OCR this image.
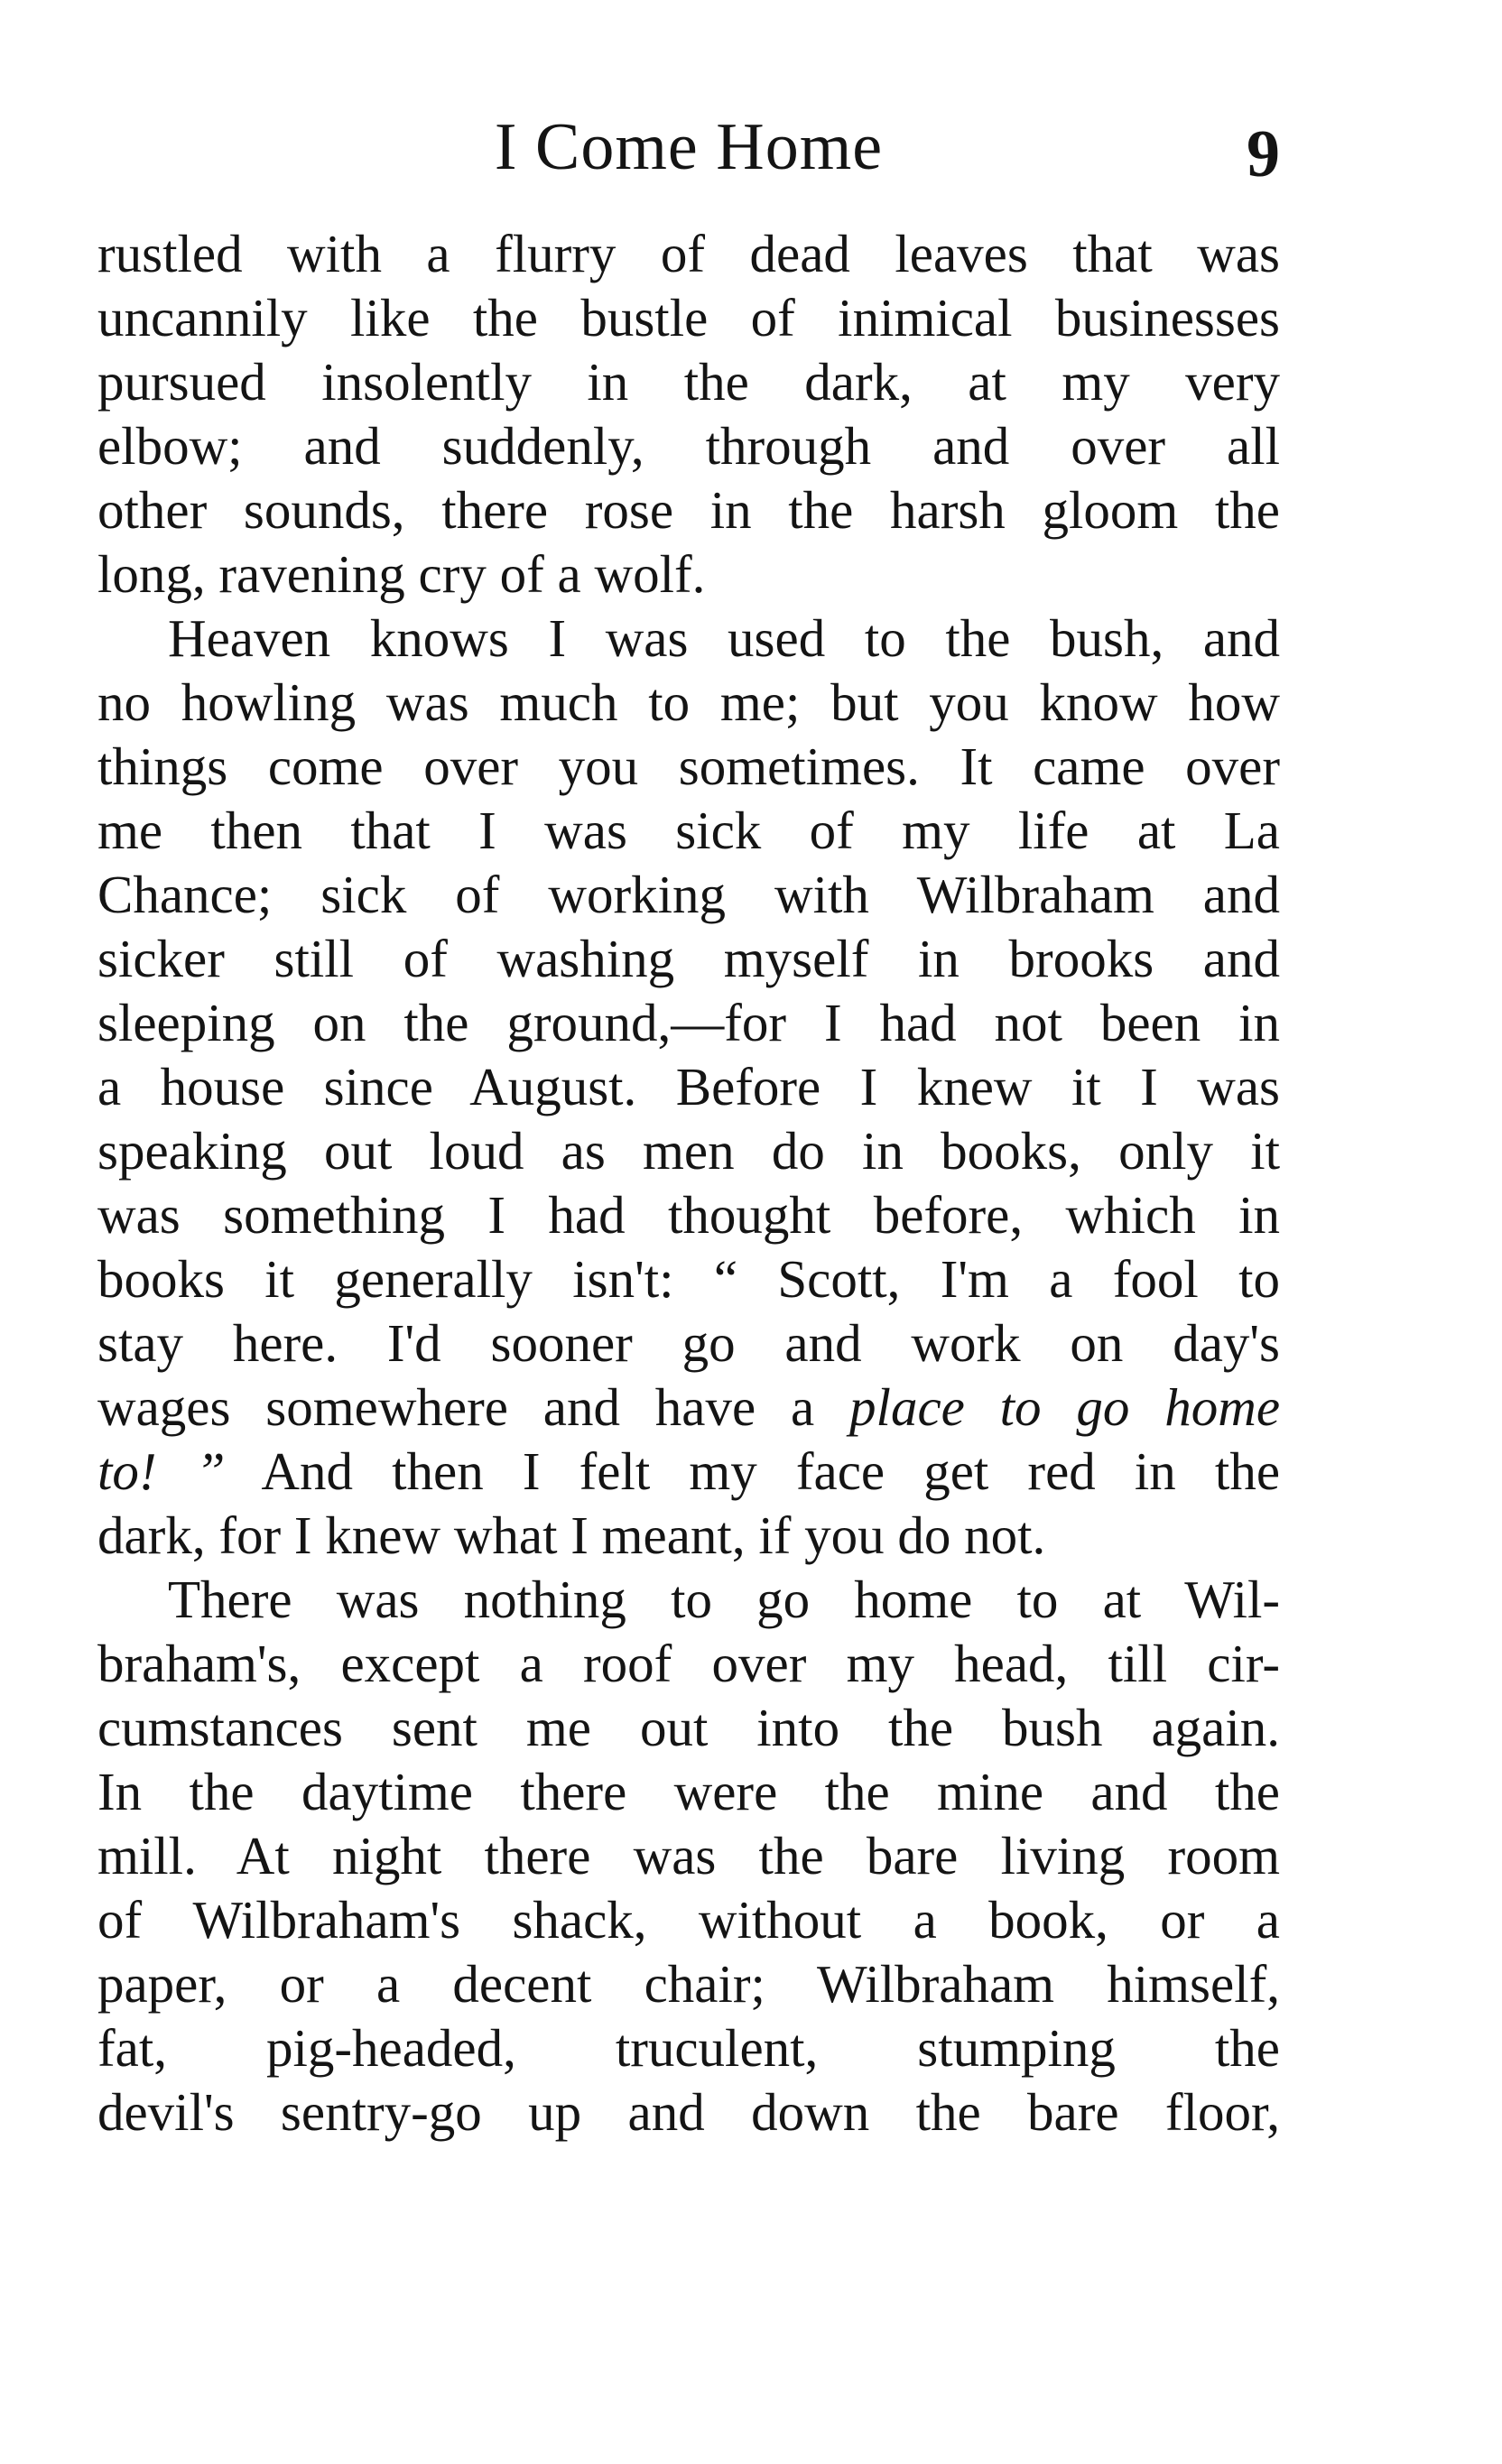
I Come Home	9
rustled with a flurry of dead leaves that was
uncannily like the bustle of inimical businesses
pursued insolently in the dark, at my very
elbow; and suddenly, through and over all
other sounds, there rose in the harsh gloom the
long, ravening cry of a wolf.
Heaven knows I was used to the bush, and
no howling was much to me; but you know how
things come over you sometimes. It came over
me then that I was sick of my life at La
Chance; sick of working with Wilbraham and
sicker still of washing myself in brooks and
sleeping on the ground,—for I had not been in
a house since August. Before I knew it I was
speaking out loud as men do in books, only it
was something I had thought before, which in
books it generally isn't: “ Scott, I'm a fool to
stay here. I'd sooner go and work on day's
wages somewhere and have a place to go home
to! ” And then I felt my face get red in the
dark, for I knew what I meant, if you do not.
There was nothing to go home to at Wil-
braham's, except a roof over my head, till cir-
cumstances sent me out into the bush again.
In the daytime there were the mine and the
mill. At night there was the bare living room
of Wilbraham's shack, without a book, or a
paper, or a decent chair; Wilbraham himself,
fat, pig-headed, truculent, stumping the
devil's sentry-go up and down the bare floor,
